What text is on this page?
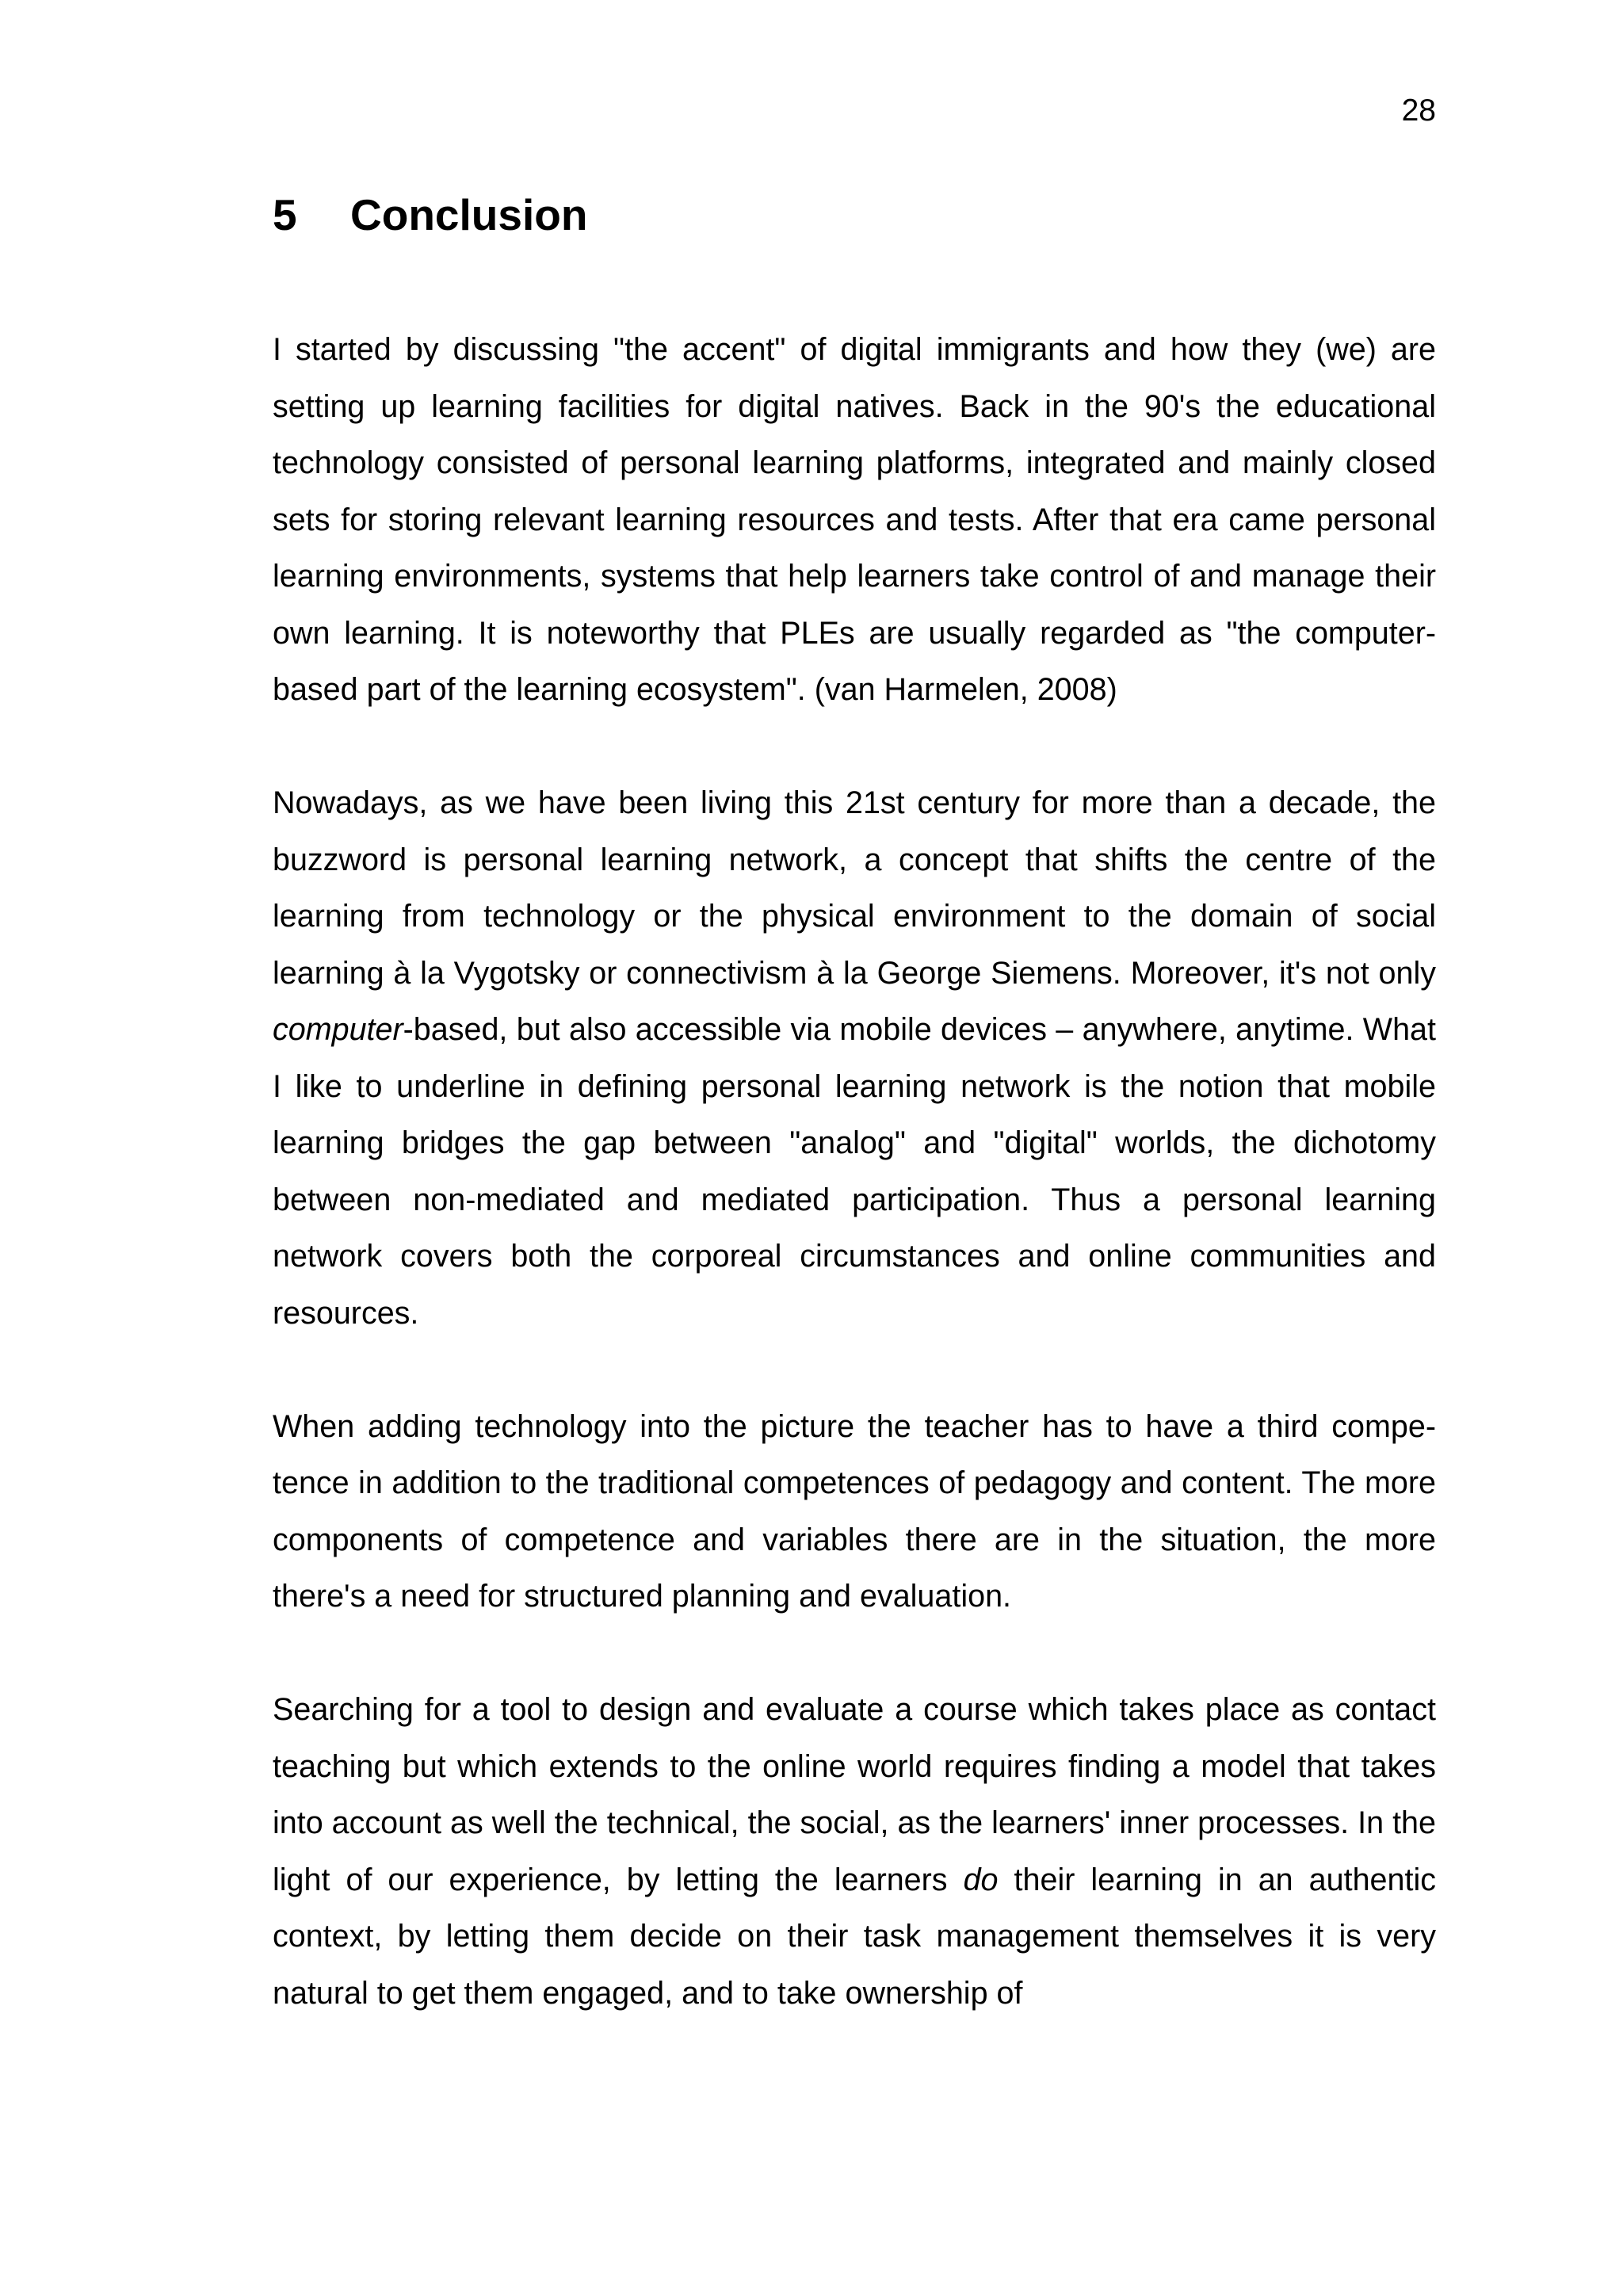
28
5	Conclusion

I started by discussing "the accent" of digital immigrants and how they (we) are setting up learning facilities for digital natives. Back in the 90's the educational technology consisted of personal learning platforms, integrated and mainly closed sets for storing relevant learning resources and tests. After that era came personal learning environments, systems that help learners take control of and manage their own learning. It is noteworthy that PLEs are usually regarded as "the computer-based part of the learning ecosystem". (van Harmelen, 2008)

Nowadays, as we have been living this 21st century for more than a decade, the buzzword is personal learning network, a concept that shifts the centre of the learning from technology or the physical environment to the domain of social learning à la Vygotsky or connectivism à la George Siemens. Moreover, it's not only computer-based, but also accessible via mobile devices – anywhere, anytime. What I like to underline in defining personal learning network is the notion that mobile learning bridges the gap between "analog" and "digital" worlds, the dichotomy between non-mediated and mediated participation. Thus a personal learning network covers both the corporeal circumstances and online communities and resources.

When adding technology into the picture the teacher has to have a third competence in addition to the traditional competences of pedagogy and content. The more components of competence and variables there are in the situation, the more there's a need for structured planning and evaluation.

Searching for a tool to design and evaluate a course which takes place as contact teaching but which extends to the online world requires finding a model that takes into account as well the technical, the social, as the learners' inner processes. In the light of our experience, by letting the learners do their learning in an authentic context, by letting them decide on their task management themselves it is very natural to get them engaged, and to take ownership of
